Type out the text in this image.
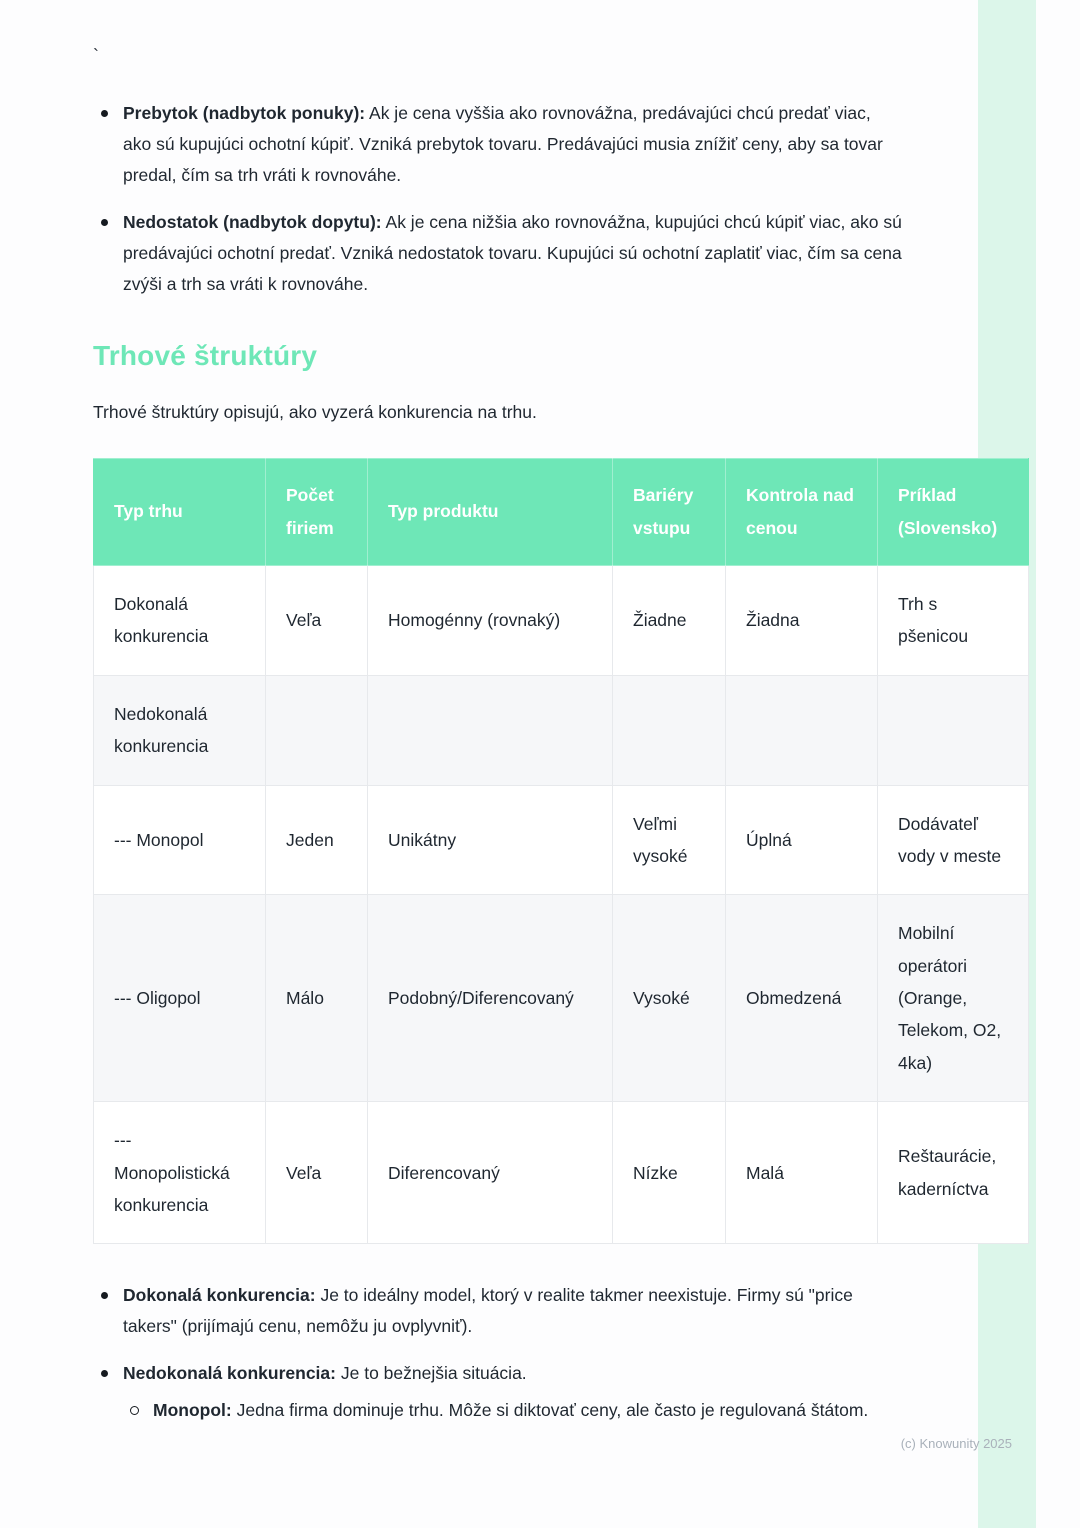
`
Prebytok (nadbytok ponuky): Ak je cena vyššia ako rovnovážna, predávajúci chcú predať viac, ako sú kupujúci ochotní kúpiť. Vzniká prebytok tovaru. Predávajúci musia znížiť ceny, aby sa tovar predal, čím sa trh vráti k rovnováhe.
Nedostatok (nadbytok dopytu): Ak je cena nižšia ako rovnovážna, kupujúci chcú kúpiť viac, ako sú predávajúci ochotní predať. Vzniká nedostatok tovaru. Kupujúci sú ochotní zaplatiť viac, čím sa cena zvýši a trh sa vráti k rovnováhe.
Trhové štruktúry

Trhové štruktúry opisujú, ako vyzerá konkurencia na trhu.

Typ trhu	Počet firiem	Typ produktu	Bariéry vstupu	Kontrola nad cenou	Príklad (Slovensko)
Dokonalá konkurencia	Veľa	Homogénny (rovnaký)	Žiadne	Žiadna	Trh s pšenicou
Nedokonalá konkurencia					
--- Monopol	Jeden	Unikátny	Veľmi vysoké	Úplná	Dodávateľ vody v meste
--- Oligopol	Málo	Podobný/Diferencovaný	Vysoké	Obmedzená	Mobilní operátori (Orange, Telekom, O2, 4ka)
--- Monopolistická konkurencia	Veľa	Diferencovaný	Nízke	Malá	Reštaurácie, kaderníctva
Dokonalá konkurencia: Je to ideálny model, ktorý v realite takmer neexistuje. Firmy sú "price takers" (prijímajú cenu, nemôžu ju ovplyvniť).
Nedokonalá konkurencia: Je to bežnejšia situácia.
Monopol: Jedna firma dominuje trhu. Môže si diktovať ceny, ale často je regulovaná štátom.
(c) Knowunity 2025
